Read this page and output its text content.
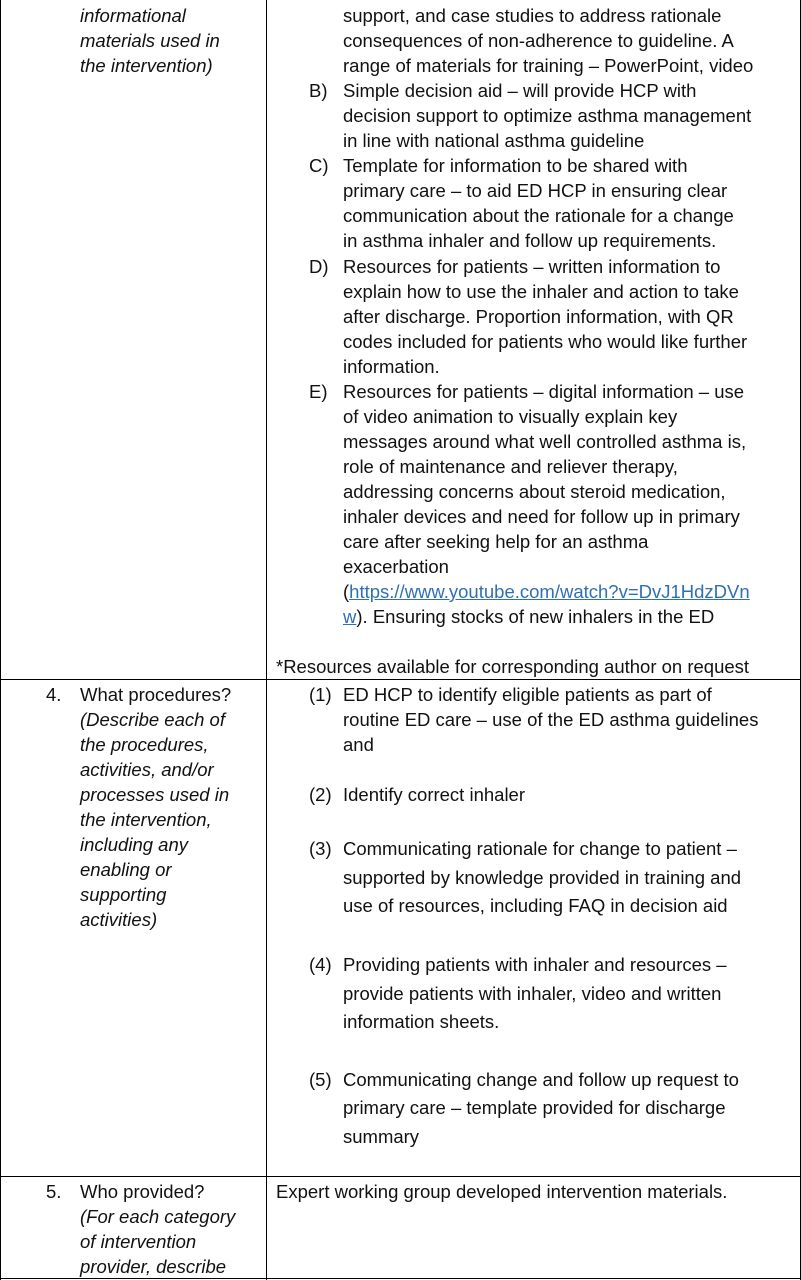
informational
materials used in
the intervention)
support, and case studies to address rationale
consequences of non-adherence to guideline. A
range of materials for training – PowerPoint, video
B) Simple decision aid – will provide HCP with
decision support to optimize asthma management
in line with national asthma guideline
C) Template for information to be shared with
primary care – to aid ED HCP in ensuring clear
communication about the rationale for a change
in asthma inhaler and follow up requirements.
D) Resources for patients – written information to
explain how to use the inhaler and action to take
after discharge. Proportion information, with QR
codes included for patients who would like further
information.
E) Resources for patients – digital information – use
of video animation to visually explain key
messages around what well controlled asthma is,
role of maintenance and reliever therapy,
addressing concerns about steroid medication,
inhaler devices and need for follow up in primary
care after seeking help for an asthma
exacerbation
(https://www.youtube.com/watch?v=DvJ1HdzDVn
w). Ensuring stocks of new inhalers in the ED
*Resources available for corresponding author on request
4. What procedures?
(Describe each of
the procedures,
activities, and/or
processes used in
the intervention,
including any
enabling or
supporting
activities)
(1) ED HCP to identify eligible patients as part of
routine ED care – use of the ED asthma guidelines
and
(2) Identify correct inhaler
(3) Communicating rationale for change to patient –
supported by knowledge provided in training and
use of resources, including FAQ in decision aid
(4) Providing patients with inhaler and resources –
provide patients with inhaler, video and written
information sheets.
(5) Communicating change and follow up request to
primary care – template provided for discharge
summary
5. Who provided?
(For each category
of intervention
provider, describe
Expert working group developed intervention materials.
